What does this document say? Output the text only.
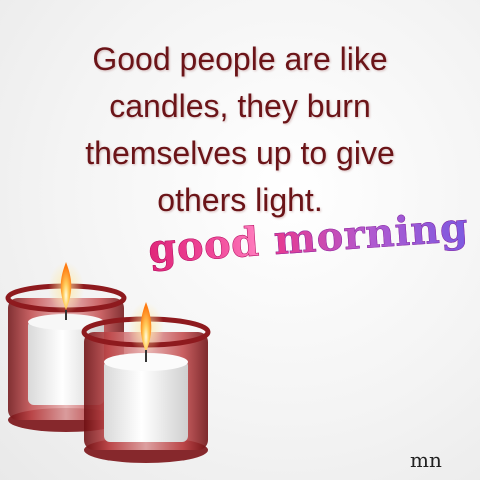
Good people are like
candles, they burn
themselves up to give
others light.
good morning
mn
